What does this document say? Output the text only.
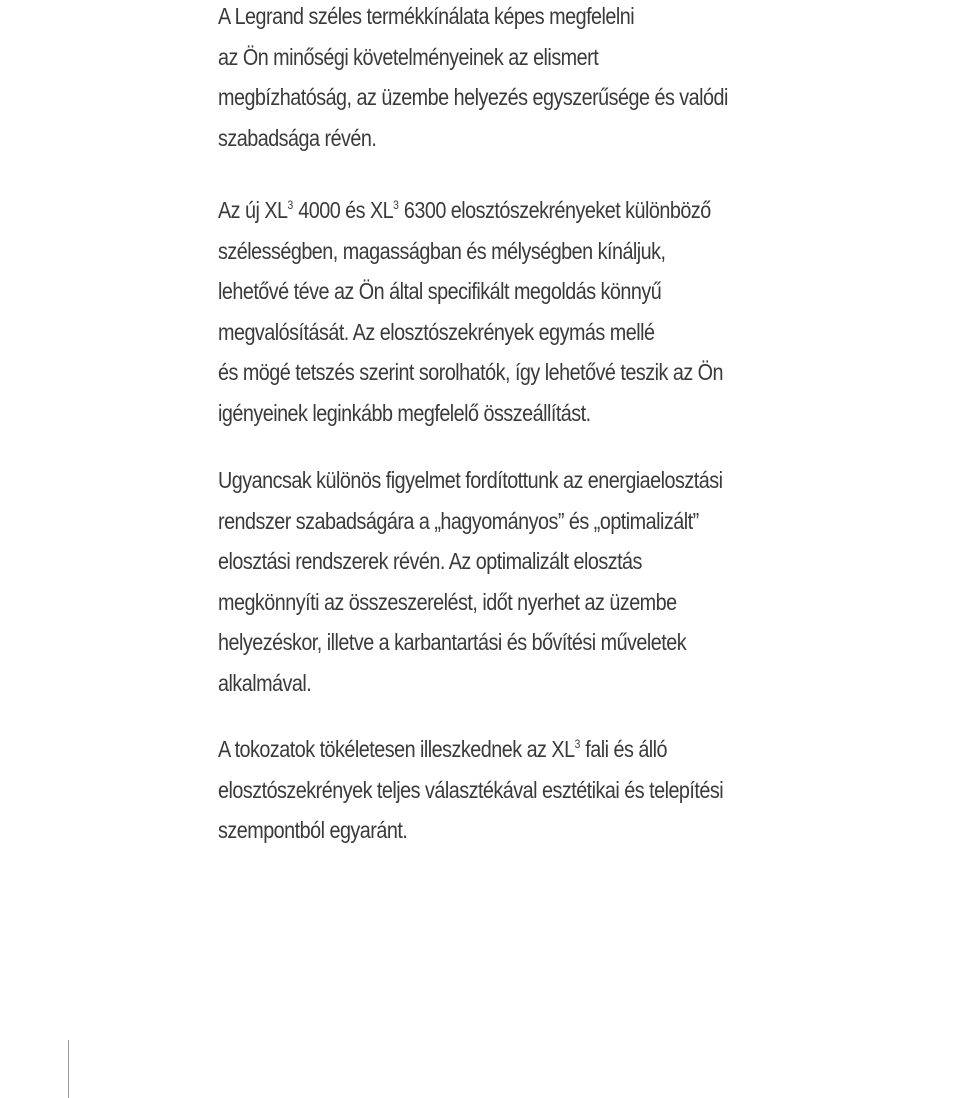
A Legrand széles termékkínálata képes megfelelni
az Ön minőségi követelményeinek az elismert
megbízhatóság, az üzembe helyezés egyszerűsége és valódi
szabadsága révén.

Az új $XL^3$ 4000 és $XL^3$ 6300 elosztószekrényeket különböző
szélességben, magasságban és mélységben kínáljuk,
lehetővé téve az Ön által specifikált megoldás könnyű
megvalósítását. Az elosztószekrények egymás mellé
és mögé tetszés szerint sorolhatók, így lehetővé teszik az Ön
igényeinek leginkább megfelelő összeállítást.

Ugyancsak különös figyelmet fordítottunk az energiaelosztási
rendszer szabadságára a „hagyományos” és „optimalizált”
elosztási rendszerek révén. Az optimalizált elosztás
megkönnyíti az összeszerelést, időt nyerhet az üzembe
helyezéskor, illetve a karbantartási és bővítési műveletek
alkalmával.

A tokozatok tökéletesen illeszkednek az $XL^3$ fali és álló
elosztószekrények teljes választékával esztétikai és telepítési
szempontból egyaránt.
